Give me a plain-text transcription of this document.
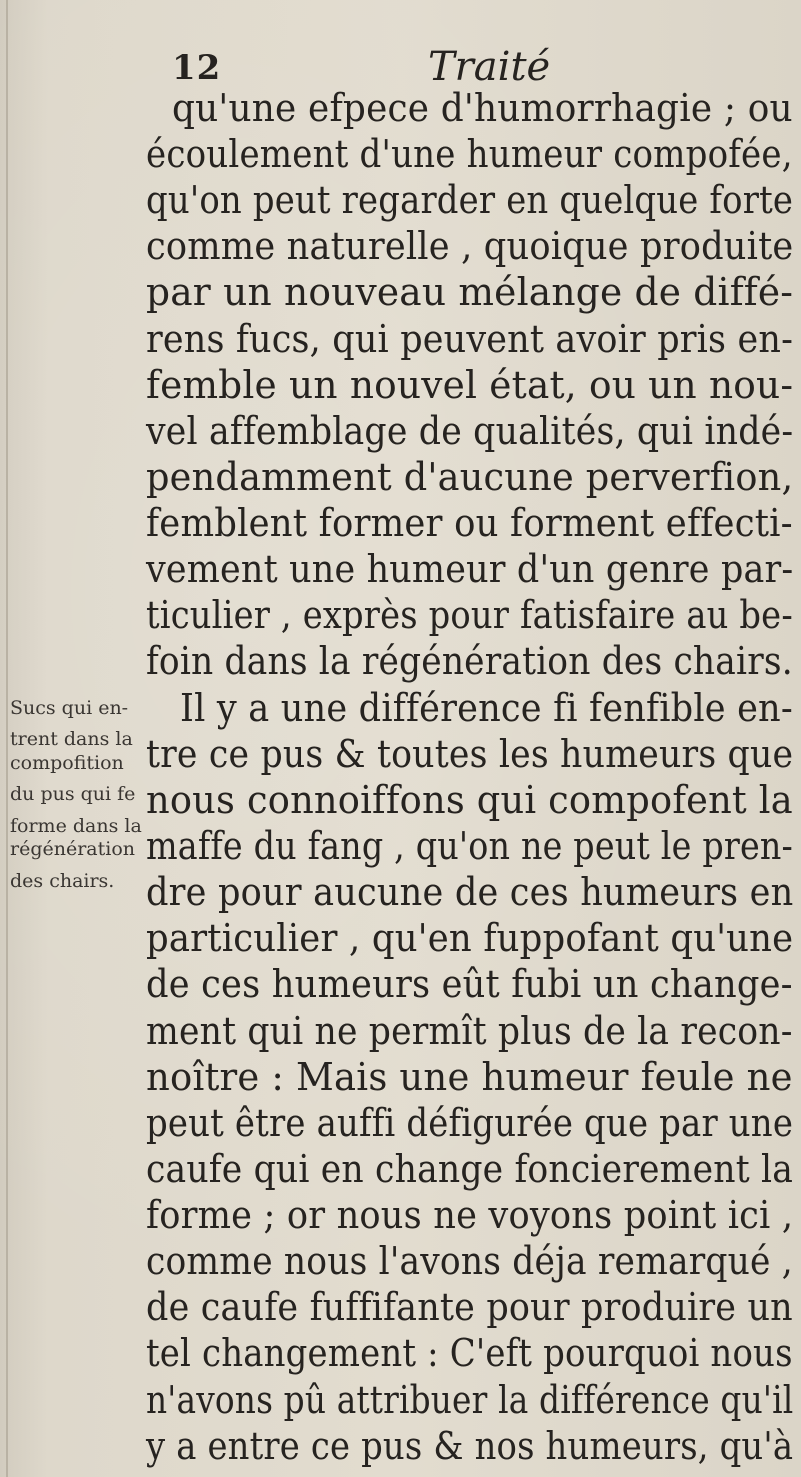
12	Traité
qu'une efpece d'humorrhagie ; ou
écoulement d'une humeur compofée,
qu'on peut regarder en quelque forte
comme naturelle , quoique produite
par un nouveau mélange de diffé-
rens fucs, qui peuvent avoir pris en-
femble un nouvel état, ou un nou-
vel affemblage de qualités, qui indé-
pendamment d'aucune perverfion,
femblent former ou forment effecti-
vement une humeur d'un genre par-
ticulier , exprès pour fatisfaire au be-
foin dans la régénération des chairs.
Il y a une différence fi fenfible en-
tre ce pus & toutes les humeurs que
nous connoiffons qui compofent la
maffe du fang , qu'on ne peut le pren-
dre pour aucune de ces humeurs en
particulier , qu'en fuppofant qu'une
de ces humeurs eût fubi un change-
ment qui ne permît plus de la recon-
noître : Mais une humeur feule ne
peut être auffi défigurée que par une
caufe qui en change foncierement la
forme ; or nous ne voyons point ici ,
comme nous l'avons déja remarqué ,
de caufe fuffifante pour produire un
tel changement : C'eft pourquoi nous
n'avons pû attribuer la différence qu'il
y a entre ce pus & nos humeurs, qu'à
Sucs qui en-
trent dans la
compofition
du pus qui fe
forme dans la
régénération
des chairs.
